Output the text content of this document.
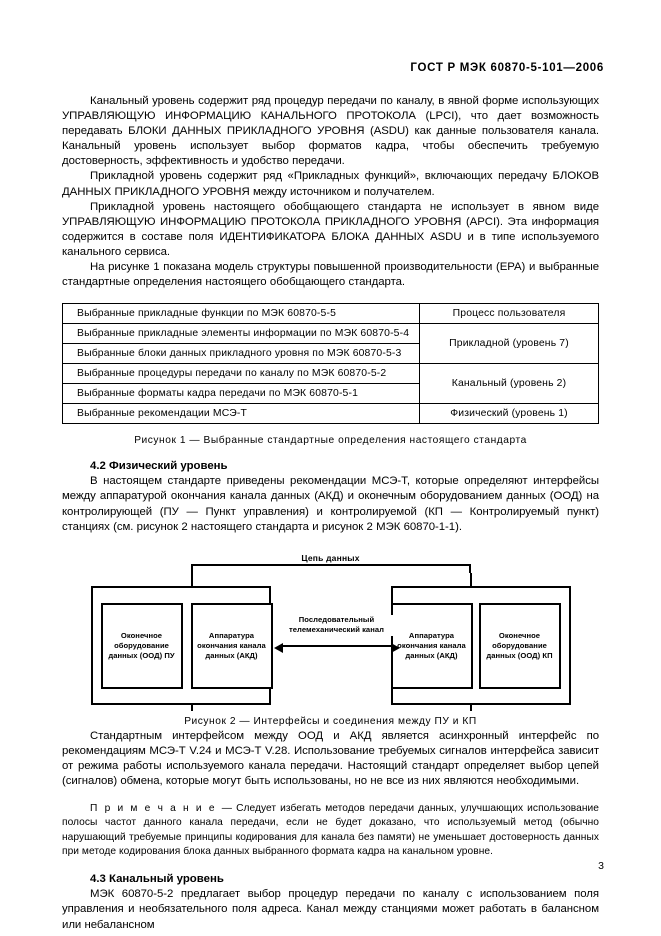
ГОСТ Р МЭК 60870-5-101—2006

Канальный уровень содержит ряд процедур передачи по каналу, в явной форме использующих УПРАВЛЯЮЩУЮ ИНФОРМАЦИЮ КАНАЛЬНОГО ПРОТОКОЛА (LPCI), что дает возможность передавать БЛОКИ ДАННЫХ ПРИКЛАДНОГО УРОВНЯ (ASDU) как данные пользователя канала. Канальный уровень использует выбор форматов кадра, чтобы обеспечить требуемую достоверность, эффективность и удобство передачи.

Прикладной уровень содержит ряд «Прикладных функций», включающих передачу БЛОКОВ ДАННЫХ ПРИКЛАДНОГО УРОВНЯ между источником и получателем.

Прикладной уровень настоящего обобщающего стандарта не использует в явном виде УПРАВЛЯЮЩУЮ ИНФОРМАЦИЮ ПРОТОКОЛА ПРИКЛАДНОГО УРОВНЯ (APCI). Эта информация содержится в составе поля ИДЕНТИФИКАТОРА БЛОКА ДАННЫХ ASDU и в типе используемого канального сервиса.

На рисунке 1 показана модель структуры повышенной производительности (EPA) и выбранные стандартные определения настоящего обобщающего стандарта.

Выбранные прикладные функции по МЭК 60870-5-5	Процесс пользователя
Выбранные прикладные элементы информации по МЭК 60870-5-4	Прикладной (уровень 7)
Выбранные блоки данных прикладного уровня по МЭК 60870-5-3	
Выбранные процедуры передачи по каналу по МЭК 60870-5-2	Канальный (уровень 2)
Выбранные форматы кадра передачи по МЭК 60870-5-1	
Выбранные рекомендации МСЭ-Т	Физический (уровень 1)
Рисунок 1 — Выбранные стандартные определения настоящего стандарта
4.2 Физический уровень

В настоящем стандарте приведены рекомендации МСЭ-Т, которые определяют интерфейсы между аппаратурой окончания канала данных (АКД) и оконечным оборудованием данных (ООД) на контролирующей (ПУ — Пункт управления) и контролируемой (КП — Контролируемый пункт) станциях (см. рисунок 2 настоящего стандарта и рисунок 2 МЭК 60870-1-1).

Цепь данных
Оконечное оборудование данных (ООД) ПУ
Аппаратура окончания канала данных (АКД)
Аппаратура окончания канала данных (АКД)
Оконечное оборудование данных (ООД) КП
Последовательный телемеханический канал
Рисунок 2 — Интерфейсы и соединения между ПУ и КП

Стандартным интерфейсом между ООД и АКД является асинхронный интерфейс по рекомендациям МСЭ-Т V.24 и МСЭ-Т V.28. Использование требуемых сигналов интерфейса зависит от режима работы используемого канала передачи. Настоящий стандарт определяет выбор цепей (сигналов) обмена, которые могут быть использованы, но не все из них являются необходимыми.

П р и м е ч а н и е — Следует избегать методов передачи данных, улучшающих использование полосы частот данного канала передачи, если не будет доказано, что используемый метод (обычно нарушающий требуемые принципы кодирования для канала без памяти) не уменьшает достоверность данных при методе кодирования блока данных выбранного формата кадра на канальном уровне.

4.3 Канальный уровень

МЭК 60870-5-2 предлагает выбор процедур передачи по каналу с использованием поля управления и необязательного поля адреса. Канал между станциями может работать в балансном или небалансном

3
